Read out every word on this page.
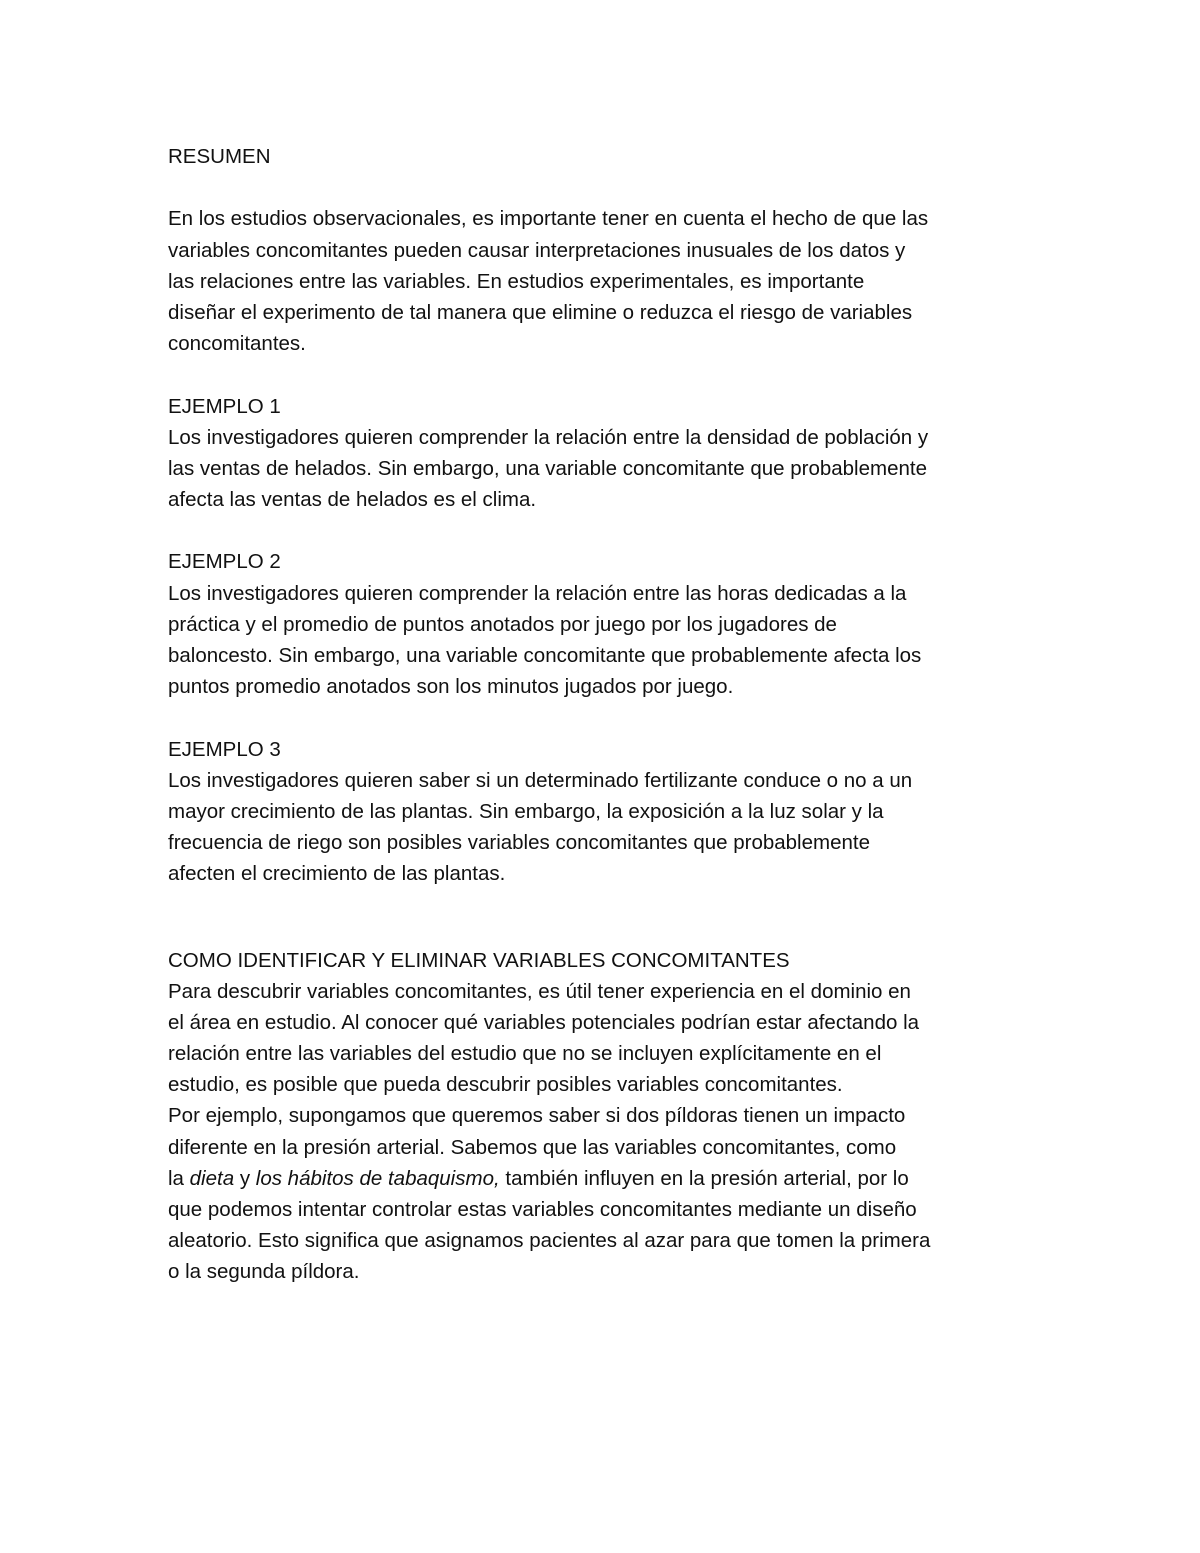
RESUMEN
En los estudios observacionales, es importante tener en cuenta el hecho de que las
variables concomitantes pueden causar interpretaciones inusuales de los datos y
las relaciones entre las variables. En estudios experimentales, es importante
diseñar el experimento de tal manera que elimine o reduzca el riesgo de variables
concomitantes.
EJEMPLO 1
Los investigadores quieren comprender la relación entre la densidad de población y
las ventas de helados. Sin embargo, una variable concomitante que probablemente
afecta las ventas de helados es el clima.
EJEMPLO 2
Los investigadores quieren comprender la relación entre las horas dedicadas a la
práctica y el promedio de puntos anotados por juego por los jugadores de
baloncesto. Sin embargo, una variable concomitante que probablemente afecta los
puntos promedio anotados son los minutos jugados por juego.
EJEMPLO 3
Los investigadores quieren saber si un determinado fertilizante conduce o no a un
mayor crecimiento de las plantas. Sin embargo, la exposición a la luz solar y la
frecuencia de riego son posibles variables concomitantes que probablemente
afecten el crecimiento de las plantas.
COMO IDENTIFICAR Y ELIMINAR VARIABLES CONCOMITANTES
Para descubrir variables concomitantes, es útil tener experiencia en el dominio en
el área en estudio. Al conocer qué variables potenciales podrían estar afectando la
relación entre las variables del estudio que no se incluyen explícitamente en el
estudio, es posible que pueda descubrir posibles variables concomitantes.
Por ejemplo, supongamos que queremos saber si dos píldoras tienen un impacto
diferente en la presión arterial. Sabemos que las variables concomitantes, como
la dieta y los hábitos de tabaquismo, también influyen en la presión arterial, por lo
que podemos intentar controlar estas variables concomitantes mediante un diseño
aleatorio. Esto significa que asignamos pacientes al azar para que tomen la primera
o la segunda píldora.
